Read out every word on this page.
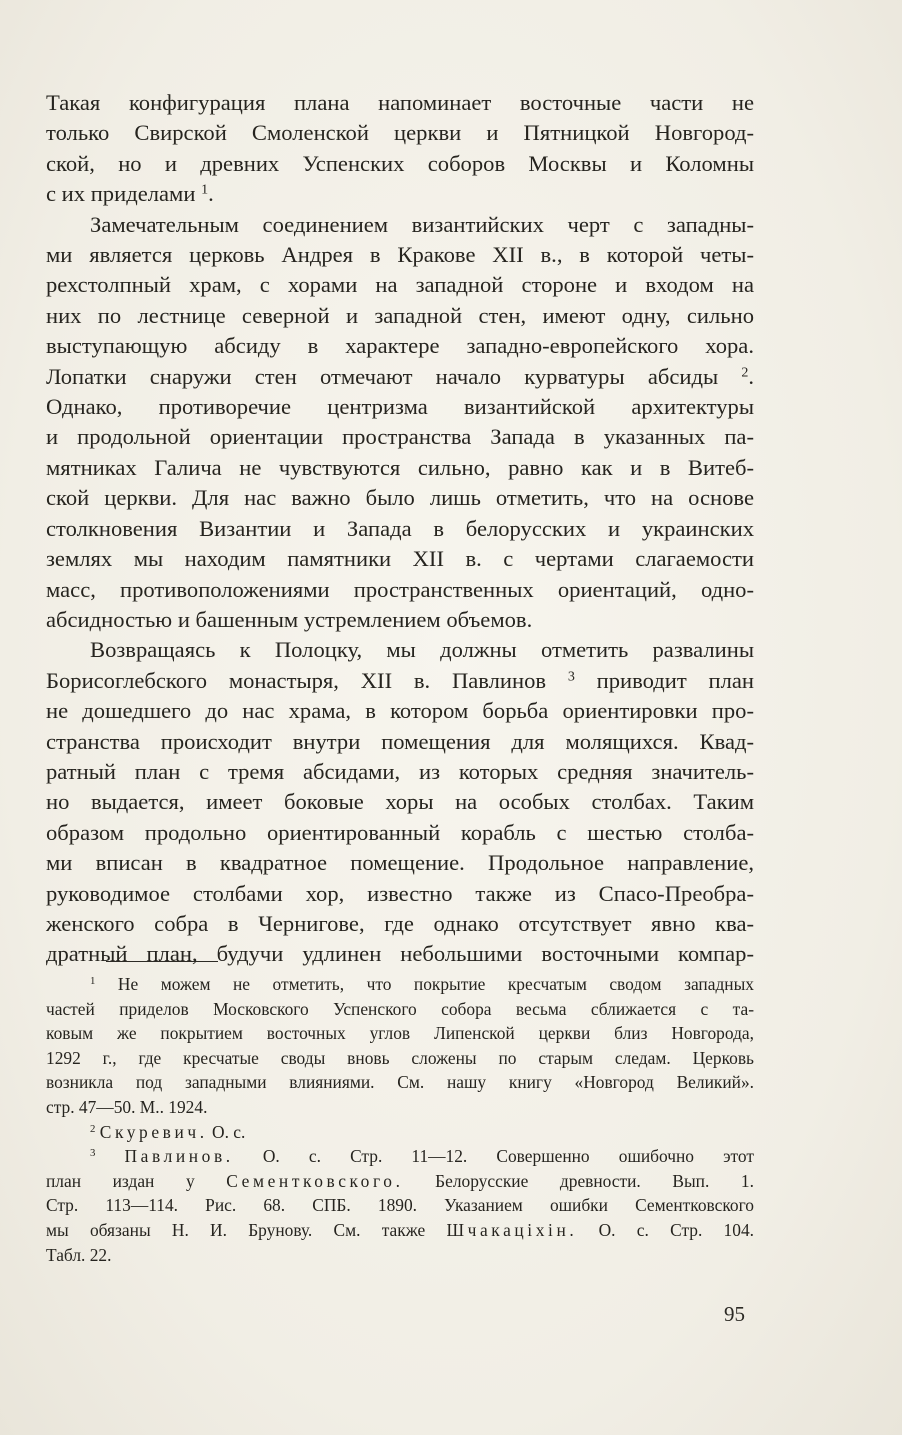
Такая конфигурация плана напоминает восточные части не
только Свирской Смоленской церкви и Пятницкой Новгород-
ской, но и древних Успенских соборов Москвы и Коломны
с их приделами $^1$.

Замечательным соединением византийских черт с западны-
ми является церковь Андрея в Кракове XII в., в которой четы-
рехстолпный храм, с хорами на западной стороне и входом на
них по лестнице северной и западной стен, имеют одну, сильно
выступающую абсиду в характере западно-европейского хора.
Лопатки снаружи стен отмечают начало курватуры абсиды $^2$.
Однако, противоречие центризма византийской архитектуры
и продольной ориентации пространства Запада в указанных па-
мятниках Галича не чувствуются сильно, равно как и в Витеб-
ской церкви. Для нас важно было лишь отметить, что на основе
столкновения Византии и Запада в белорусских и украинских
землях мы находим памятники XII в. с чертами слагаемости
масс, противоположениями пространственных ориентаций, одно-
абсидностью и башенным устремлением объемов.

Возвращаясь к Полоцку, мы должны отметить развалины
Борисоглебского монастыря, XII в. Павлинов $^3$ приводит план
не дошедшего до нас храма, в котором борьба ориентировки про-
странства происходит внутри помещения для молящихся. Квад-
ратный план с тремя абсидами, из которых средняя значитель-
но выдается, имеет боковые хоры на особых столбах. Таким
образом продольно ориентированный корабль с шестью столба-
ми вписан в квадратное помещение. Продольное направление,
руководимое столбами хор, известно также из Спасо-Преобра-
женского собра в Чернигове, где однако отсутствует явно ква-
дратный план, будучи удлинен небольшими восточными компар-

$^1$ Не можем не отметить, что покрытие кресчатым сводом западных
частей приделов Московского Успенского собора весьма сближается с та-
ковым же покрытием восточных углов Липенской церкви близ Новгорода,
1292 г., где кресчатые своды вновь сложены по старым следам. Церковь
возникла под западными влияниями. См. нашу книгу «Новгород Великий».
стр. 47—50. М.. 1924.
$^2$ Скуревич. О. с.
$^3$ Павлинов. О. с. Стр. 11—12. Совершенно ошибочно этот
план издан у Сементковского. Белорусские древности. Вып. 1.
Стр. 113—114. Рис. 68. СПБ. 1890. Указанием ошибки Сементковского
мы обязаны Н. И. Брунову. См. также Шчакацiхiн. О. с. Стр. 104.
Табл. 22.
95
